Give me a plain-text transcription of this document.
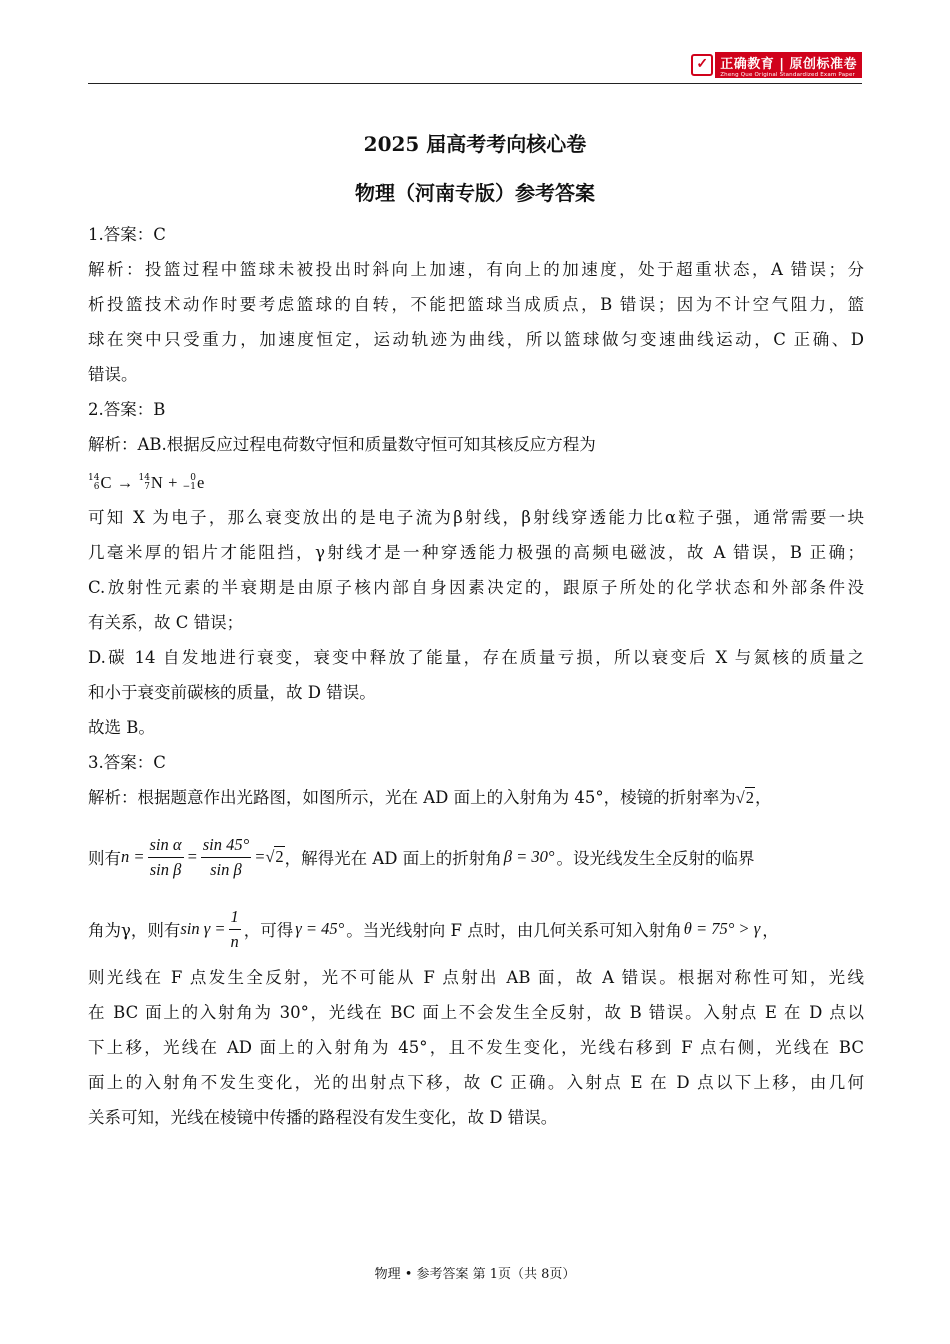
✓ 正确教育 | 原创标准卷
Zheng Que Original Standardized Exam Paper
2025 届高考考向核心卷
物理（河南专版）参考答案
1.答案：C
解析：投篮过程中篮球未被投出时斜向上加速，有向上的加速度，处于超重状态，A 错误；分
析投篮技术动作时要考虑篮球的自转，不能把篮球当成质点，B 错误；因为不计空气阻力，篮
球在突中只受重力，加速度恒定，运动轨迹为曲线，所以篮球做匀变速曲线运动，C 正确、D
错误。
2.答案：B
解析：AB.根据反应过程电荷数守恒和质量数守恒可知其核反应方程为
14
6 C → 14
7 N +	0
−1 e
可知 X 为电子，那么衰变放出的是电子流为β射线，β射线穿透能力比α粒子强，通常需要一块
几毫米厚的铝片才能阻挡，γ射线才是一种穿透能力极强的高频电磁波，故 A 错误，B 正确；
C.放射性元素的半衰期是由原子核内部自身因素决定的，跟原子所处的化学状态和外部条件没
有关系，故 C 错误；
D.碳 14 自发地进行衰变，衰变中释放了能量，存在质量亏损，所以衰变后 X 与氮核的质量之
和小于衰变前碳核的质量，故 D 错误。
故选 B。
3.答案：C
解析：根据题意作出光路图，如图所示，光在 AD 面上的入射角为 45°，棱镜的折射率为√2，
则有 $n = \frac{\text{sin α}}{\text{sin β}} = \frac{\sin 45^\circ}{\text{sin β}} = √2$ ，解得光在 AD 面上的折射角 β = 30° 。设光线发生全反射的临界
角为γ，则有 $\sin \gamma = \frac{1}{n}$ ，可得 γ = 45° 。当光线射向 F 点时，由几何关系可知入射角 θ = 75° > γ ，
则光线在 F 点发生全反射，光不可能从 F 点射出 AB 面，故 A 错误。根据对称性可知，光线
在 BC 面上的入射角为 30°，光线在 BC 面上不会发生全反射，故 B 错误。入射点 E 在 D 点以
下上移，光线在 AD 面上的入射角为 45°，且不发生变化，光线右移到 F 点右侧，光线在 BC
面上的入射角不发生变化，光的出射点下移，故 C 正确。入射点 E 在 D 点以下上移，由几何
关系可知，光线在棱镜中传播的路程没有发生变化，故 D 错误。
物理 • 参考答案 第 1页（共 8页）
